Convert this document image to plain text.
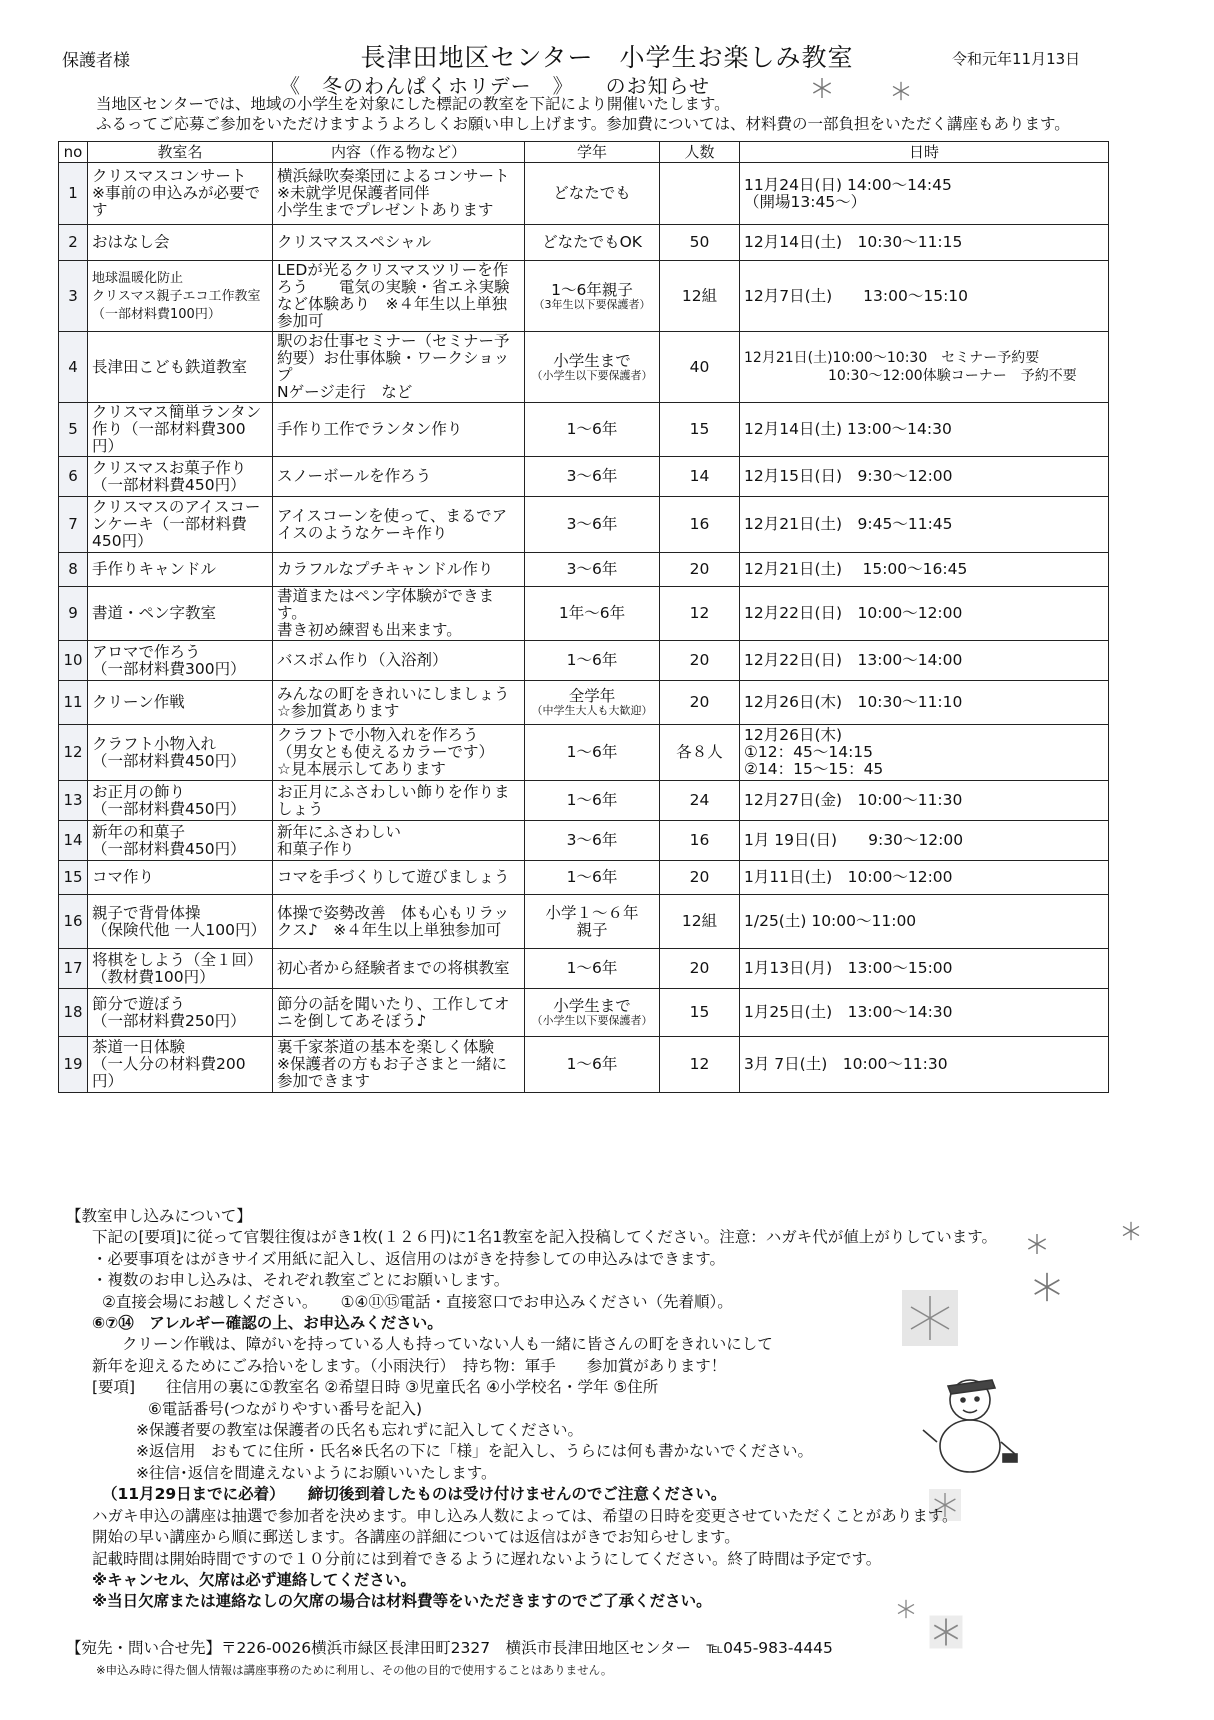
保護者様	長津田地区センター　小学生お楽しみ教室	令和元年11月13日
《　冬のわんぱくホリデー　》　　のお知らせ
当地区センターでは、地域の小学生を対象にした標記の教室を下記により開催いたします。
ふるってご応募ご参加をいただけますようよろしくお願い申し上げます。参加費については、材料費の一部負担をいただく講座もあります。
no	教室名	内容（作る物など）	学年	人数	日時
1	クリスマスコンサート
※事前の申込みが必要です	横浜緑吹奏楽団によるコンサート
※未就学児保護者同伴
小学生までプレゼントあります	どなたでも		11月24日(日) 14:00～14:45
（開場13:45～）
2	おはなし会	クリスマススペシャル	どなたでもOK	50	12月14日(土)　10:30～11:15
3	地球温暖化防止
クリスマス親子エコ工作教室
（一部材料費100円）	LEDが光るクリスマスツリーを作ろう　　電気の実験・省エネ実験など体験あり　※４年生以上単独参加可	1～6年親子
（3年生以下要保護者）	12組	12月7日(土)　　13:00～15:10
4	長津田こども鉄道教室	駅のお仕事セミナー（セミナー予約要）お仕事体験・ワークショップ
Nゲージ走行　など	小学生まで
（小学生以下要保護者）	40	12月21日(土)10:00～10:30　セミナー予約要
　　　　　　10:30～12:00体験コーナー　予約不要
5	クリスマス簡単ランタン作り（一部材料費300円）	手作り工作でランタン作り	1～6年	15	12月14日(土) 13:00～14:30
6	クリスマスお菓子作り
（一部材料費450円）	スノーボールを作ろう	3～6年	14	12月15日(日)　9:30～12:00
7	クリスマスのアイスコーンケーキ（一部材料費450円）	アイスコーンを使って、まるでアイスのようなケーキ作り	3～6年	16	12月21日(土)　9:45～11:45
8	手作りキャンドル	カラフルなプチキャンドル作り	3～6年	20	12月21日(土)　 15:00～16:45
9	書道・ペン字教室	書道またはペン字体験ができます。
書き初め練習も出来ます。	1年～6年	12	12月22日(日)　10:00～12:00
10	アロマで作ろう
（一部材料費300円）	バスボム作り（入浴剤）	1～6年	20	12月22日(日)　13:00～14:00
11	クリーン作戦	みんなの町をきれいにしましょう
☆参加賞あります	全学年
（中学生大人も大歓迎）	20	12月26日(木)　10:30～11:10
12	クラフト小物入れ
（一部材料費450円）	クラフトで小物入れを作ろう
（男女とも使えるカラーです）
☆見本展示してあります	1～6年	各８人	12月26日(木)
①12：45～14:15
②14：15～15：45
13	お正月の飾り
（一部材料費450円）	お正月にふさわしい飾りを作りましょう	1～6年	24	12月27日(金)　10:00～11:30
14	新年の和菓子
（一部材料費450円）	新年にふさわしい
和菓子作り	3～6年	16	1月 19日(日)　　9:30～12:00
15	コマ作り	コマを手づくりして遊びましょう	1～6年	20	1月11日(土)　10:00～12:00
16	親子で背骨体操
（保険代他 一人100円）	体操で姿勢改善　体も心もリラックス♪　※４年生以上単独参加可	小学１～６年
親子	12組	1/25(土) 10:00～11:00
17	将棋をしよう（全１回）
（教材費100円）	初心者から経験者までの将棋教室	1～6年	20	1月13日(月)　13:00～15:00
18	節分で遊ぼう
（一部材料費250円）	節分の話を聞いたり、工作してオニを倒してあそぼう♪	小学生まで
（小学生以下要保護者）	15	1月25日(土)　13:00～14:30
19	茶道一日体験
（一人分の材料費200円）	裏千家茶道の基本を楽しく体験
※保護者の方もお子さまと一緒に参加できます	1～6年	12	3月 7日(土)　10:00～11:30
【教室申し込みについて】
下記の[要項]に従って官製往復はがき1枚(１２６円)に1名1教室を記入投稿してください。注意：ハガキ代が値上がりしています。
・必要事項をはがきサイズ用紙に記入し、返信用のはがきを持参しての申込みはできます。
・複数のお申し込みは、それぞれ教室ごとにお願いします。
②直接会場にお越しください。　　①④⑪⑮電話・直接窓口でお申込みください（先着順）。
⑥⑦⑭　アレルギー確認の上、お申込みください。
クリーン作戦は、障がいを持っている人も持っていない人も一緒に皆さんの町をきれいにして
新年を迎えるためにごみ拾いをします。（小雨決行）　持ち物：軍手　　参加賞があります！
[要項]　　往信用の裏に①教室名 ②希望日時 ③児童氏名 ④小学校名・学年 ⑤住所
⑥電話番号(つながりやすい番号を記入)
※保護者要の教室は保護者の氏名も忘れずに記入してください。
※返信用　おもてに住所・氏名※氏名の下に「様」を記入し、うらには何も書かないでください。
※往信･返信を間違えないようにお願いいたします。
（11月29日までに必着）　　締切後到着したものは受け付けませんのでご注意ください。
ハガキ申込の講座は抽選で参加者を決めます。申し込み人数によっては、希望の日時を変更させていただくことがあります。
開始の早い講座から順に郵送します。各講座の詳細については返信はがきでお知らせします。
記載時間は開始時間ですので１０分前には到着できるように遅れないようにしてください。終了時間は予定です。
※キャンセル、欠席は必ず連絡してください。
※当日欠席または連絡なしの欠席の場合は材料費等をいただきますのでご了承ください。
【宛先・問い合せ先】〒226-0026横浜市緑区長津田町2327　横浜市長津田地区センター　℡045-983-4445
※申込み時に得た個人情報は講座事務のために利用し、その他の目的で使用することはありません。
